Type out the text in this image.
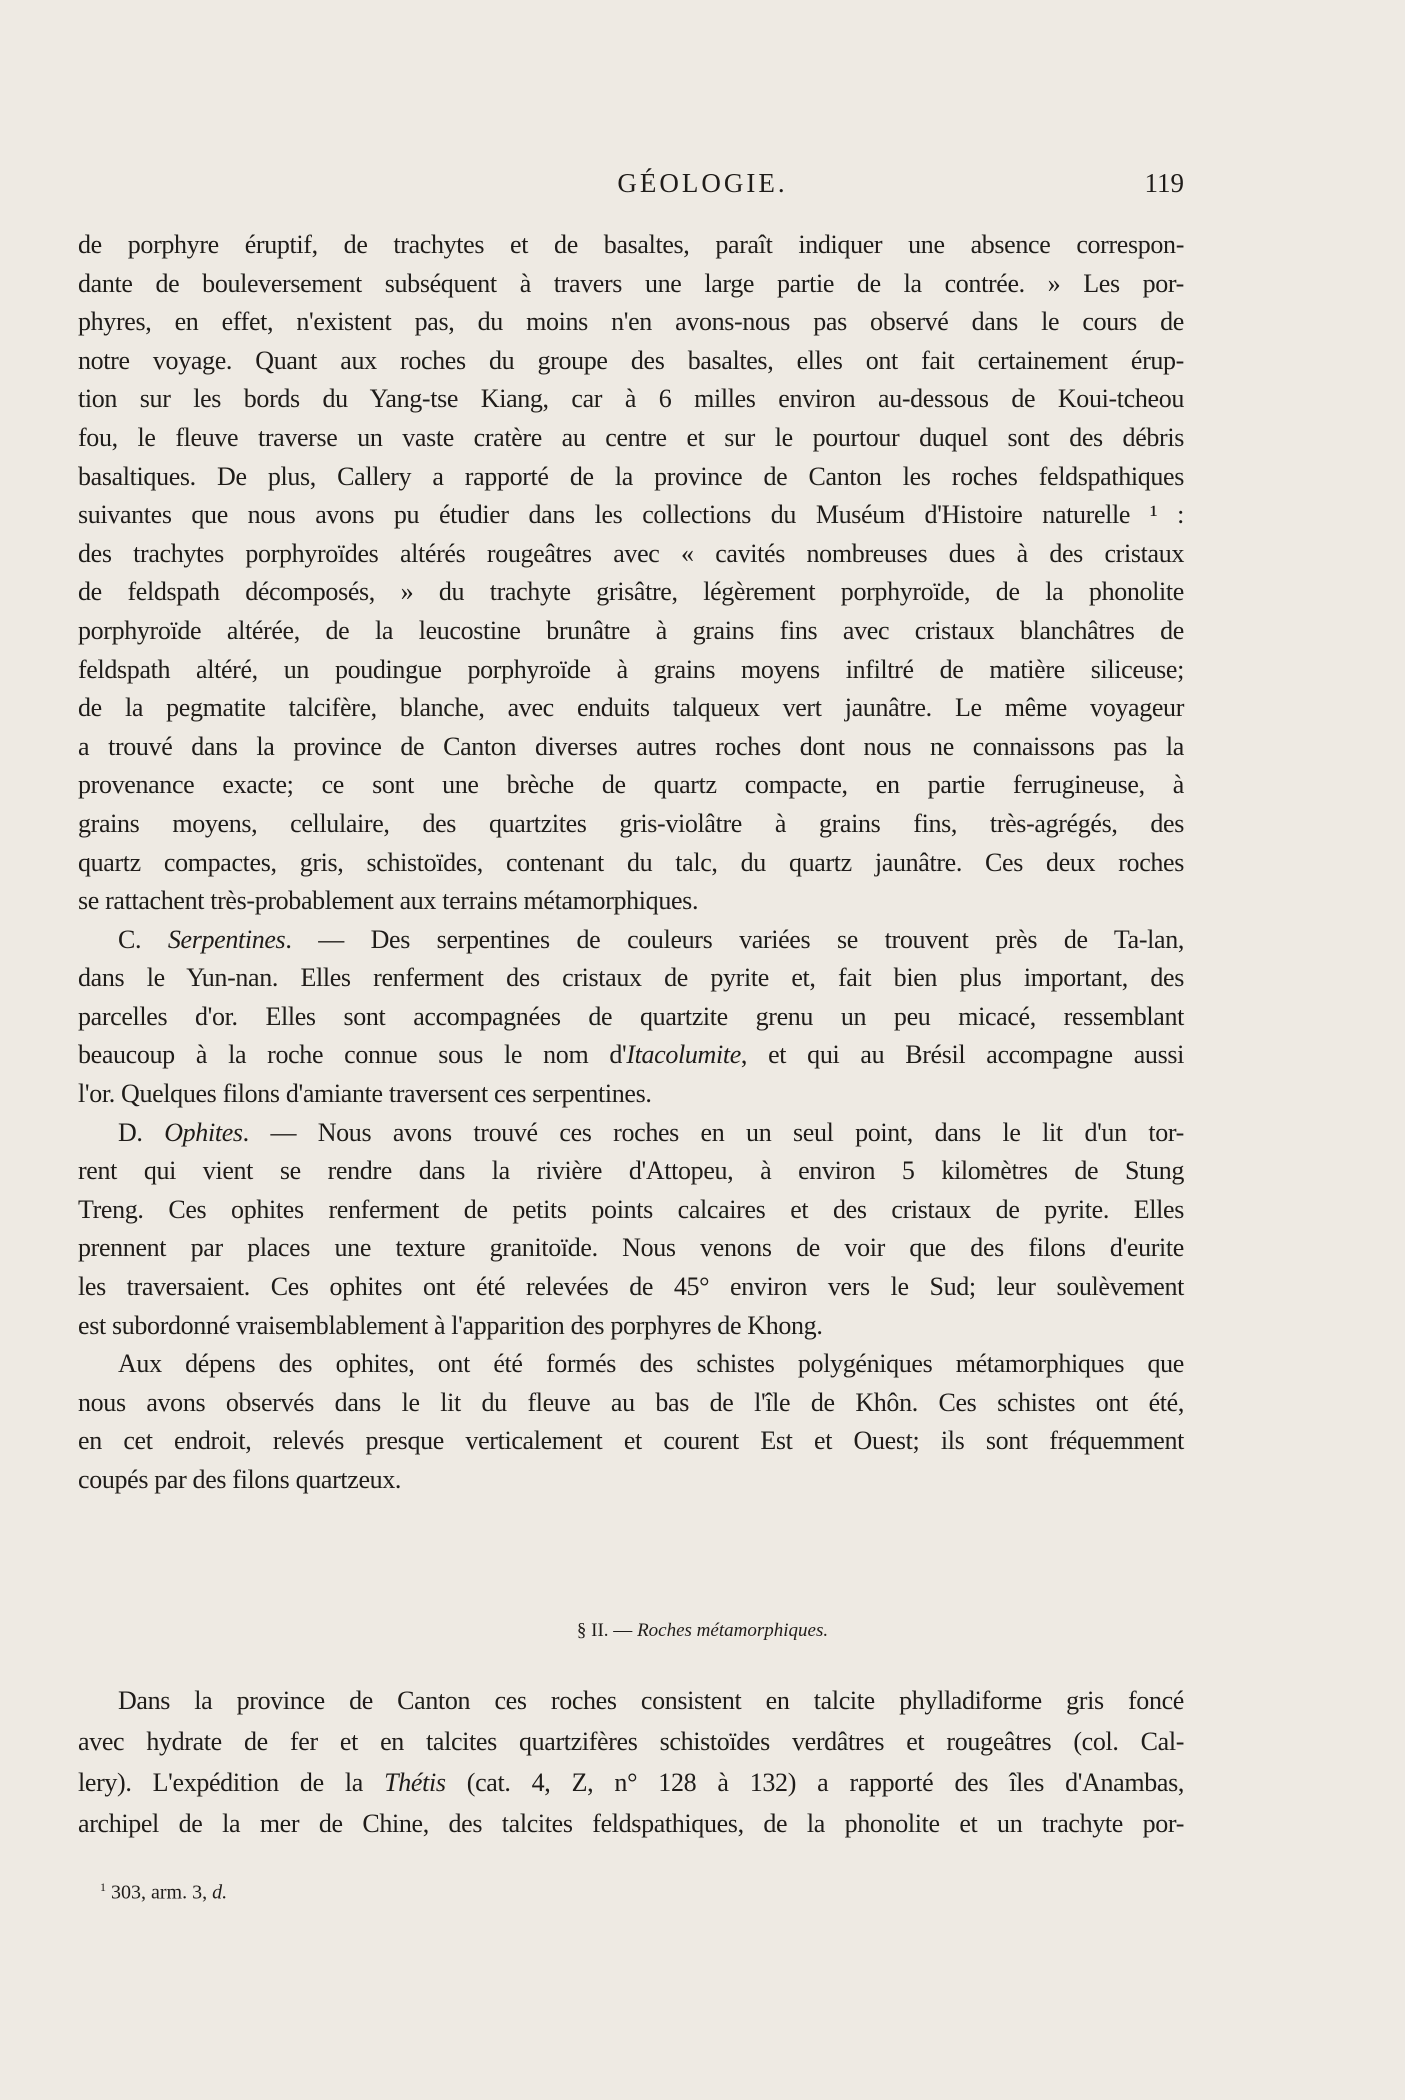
GÉOLOGIE.	119
de porphyre éruptif, de trachytes et de basaltes, paraît indiquer une absence correspon-
dante de bouleversement subséquent à travers une large partie de la contrée. » Les por-
phyres, en effet, n'existent pas, du moins n'en avons-nous pas observé dans le cours de
notre voyage. Quant aux roches du groupe des basaltes, elles ont fait certainement érup-
tion sur les bords du Yang-tse Kiang, car à 6 milles environ au-dessous de Koui-tcheou
fou, le fleuve traverse un vaste cratère au centre et sur le pourtour duquel sont des débris
basaltiques. De plus, Callery a rapporté de la province de Canton les roches feldspathiques
suivantes que nous avons pu étudier dans les collections du Muséum d'Histoire naturelle ¹ :
des trachytes porphyroïdes altérés rougeâtres avec « cavités nombreuses dues à des cristaux
de feldspath décomposés, » du trachyte grisâtre, légèrement porphyroïde, de la phonolite
porphyroïde altérée, de la leucostine brunâtre à grains fins avec cristaux blanchâtres de
feldspath altéré, un poudingue porphyroïde à grains moyens infiltré de matière siliceuse;
de la pegmatite talcifère, blanche, avec enduits talqueux vert jaunâtre. Le même voyageur
a trouvé dans la province de Canton diverses autres roches dont nous ne connaissons pas la
provenance exacte; ce sont une brèche de quartz compacte, en partie ferrugineuse, à
grains moyens, cellulaire, des quartzites gris-violâtre à grains fins, très-agrégés, des
quartz compactes, gris, schistoïdes, contenant du talc, du quartz jaunâtre. Ces deux roches
se rattachent très-probablement aux terrains métamorphiques.
C. Serpentines. — Des serpentines de couleurs variées se trouvent près de Ta-lan,
dans le Yun-nan. Elles renferment des cristaux de pyrite et, fait bien plus important, des
parcelles d'or. Elles sont accompagnées de quartzite grenu un peu micacé, ressemblant
beaucoup à la roche connue sous le nom d'Itacolumite, et qui au Brésil accompagne aussi
l'or. Quelques filons d'amiante traversent ces serpentines.
D. Ophites. — Nous avons trouvé ces roches en un seul point, dans le lit d'un tor-
rent qui vient se rendre dans la rivière d'Attopeu, à environ 5 kilomètres de Stung
Treng. Ces ophites renferment de petits points calcaires et des cristaux de pyrite. Elles
prennent par places une texture granitoïde. Nous venons de voir que des filons d'eurite
les traversaient. Ces ophites ont été relevées de 45° environ vers le Sud; leur soulèvement
est subordonné vraisemblablement à l'apparition des porphyres de Khong.
Aux dépens des ophites, ont été formés des schistes polygéniques métamorphiques que
nous avons observés dans le lit du fleuve au bas de l'île de Khôn. Ces schistes ont été,
en cet endroit, relevés presque verticalement et courent Est et Ouest; ils sont fréquemment
coupés par des filons quartzeux.
§ II. — Roches métamorphiques.
Dans la province de Canton ces roches consistent en talcite phylladiforme gris foncé
avec hydrate de fer et en talcites quartzifères schistoïdes verdâtres et rougeâtres (col. Cal-
lery). L'expédition de la Thétis (cat. 4, Z, n° 128 à 132) a rapporté des îles d'Anambas,
archipel de la mer de Chine, des talcites feldspathiques, de la phonolite et un trachyte por-
$^1$ 303, arm. 3, d.
